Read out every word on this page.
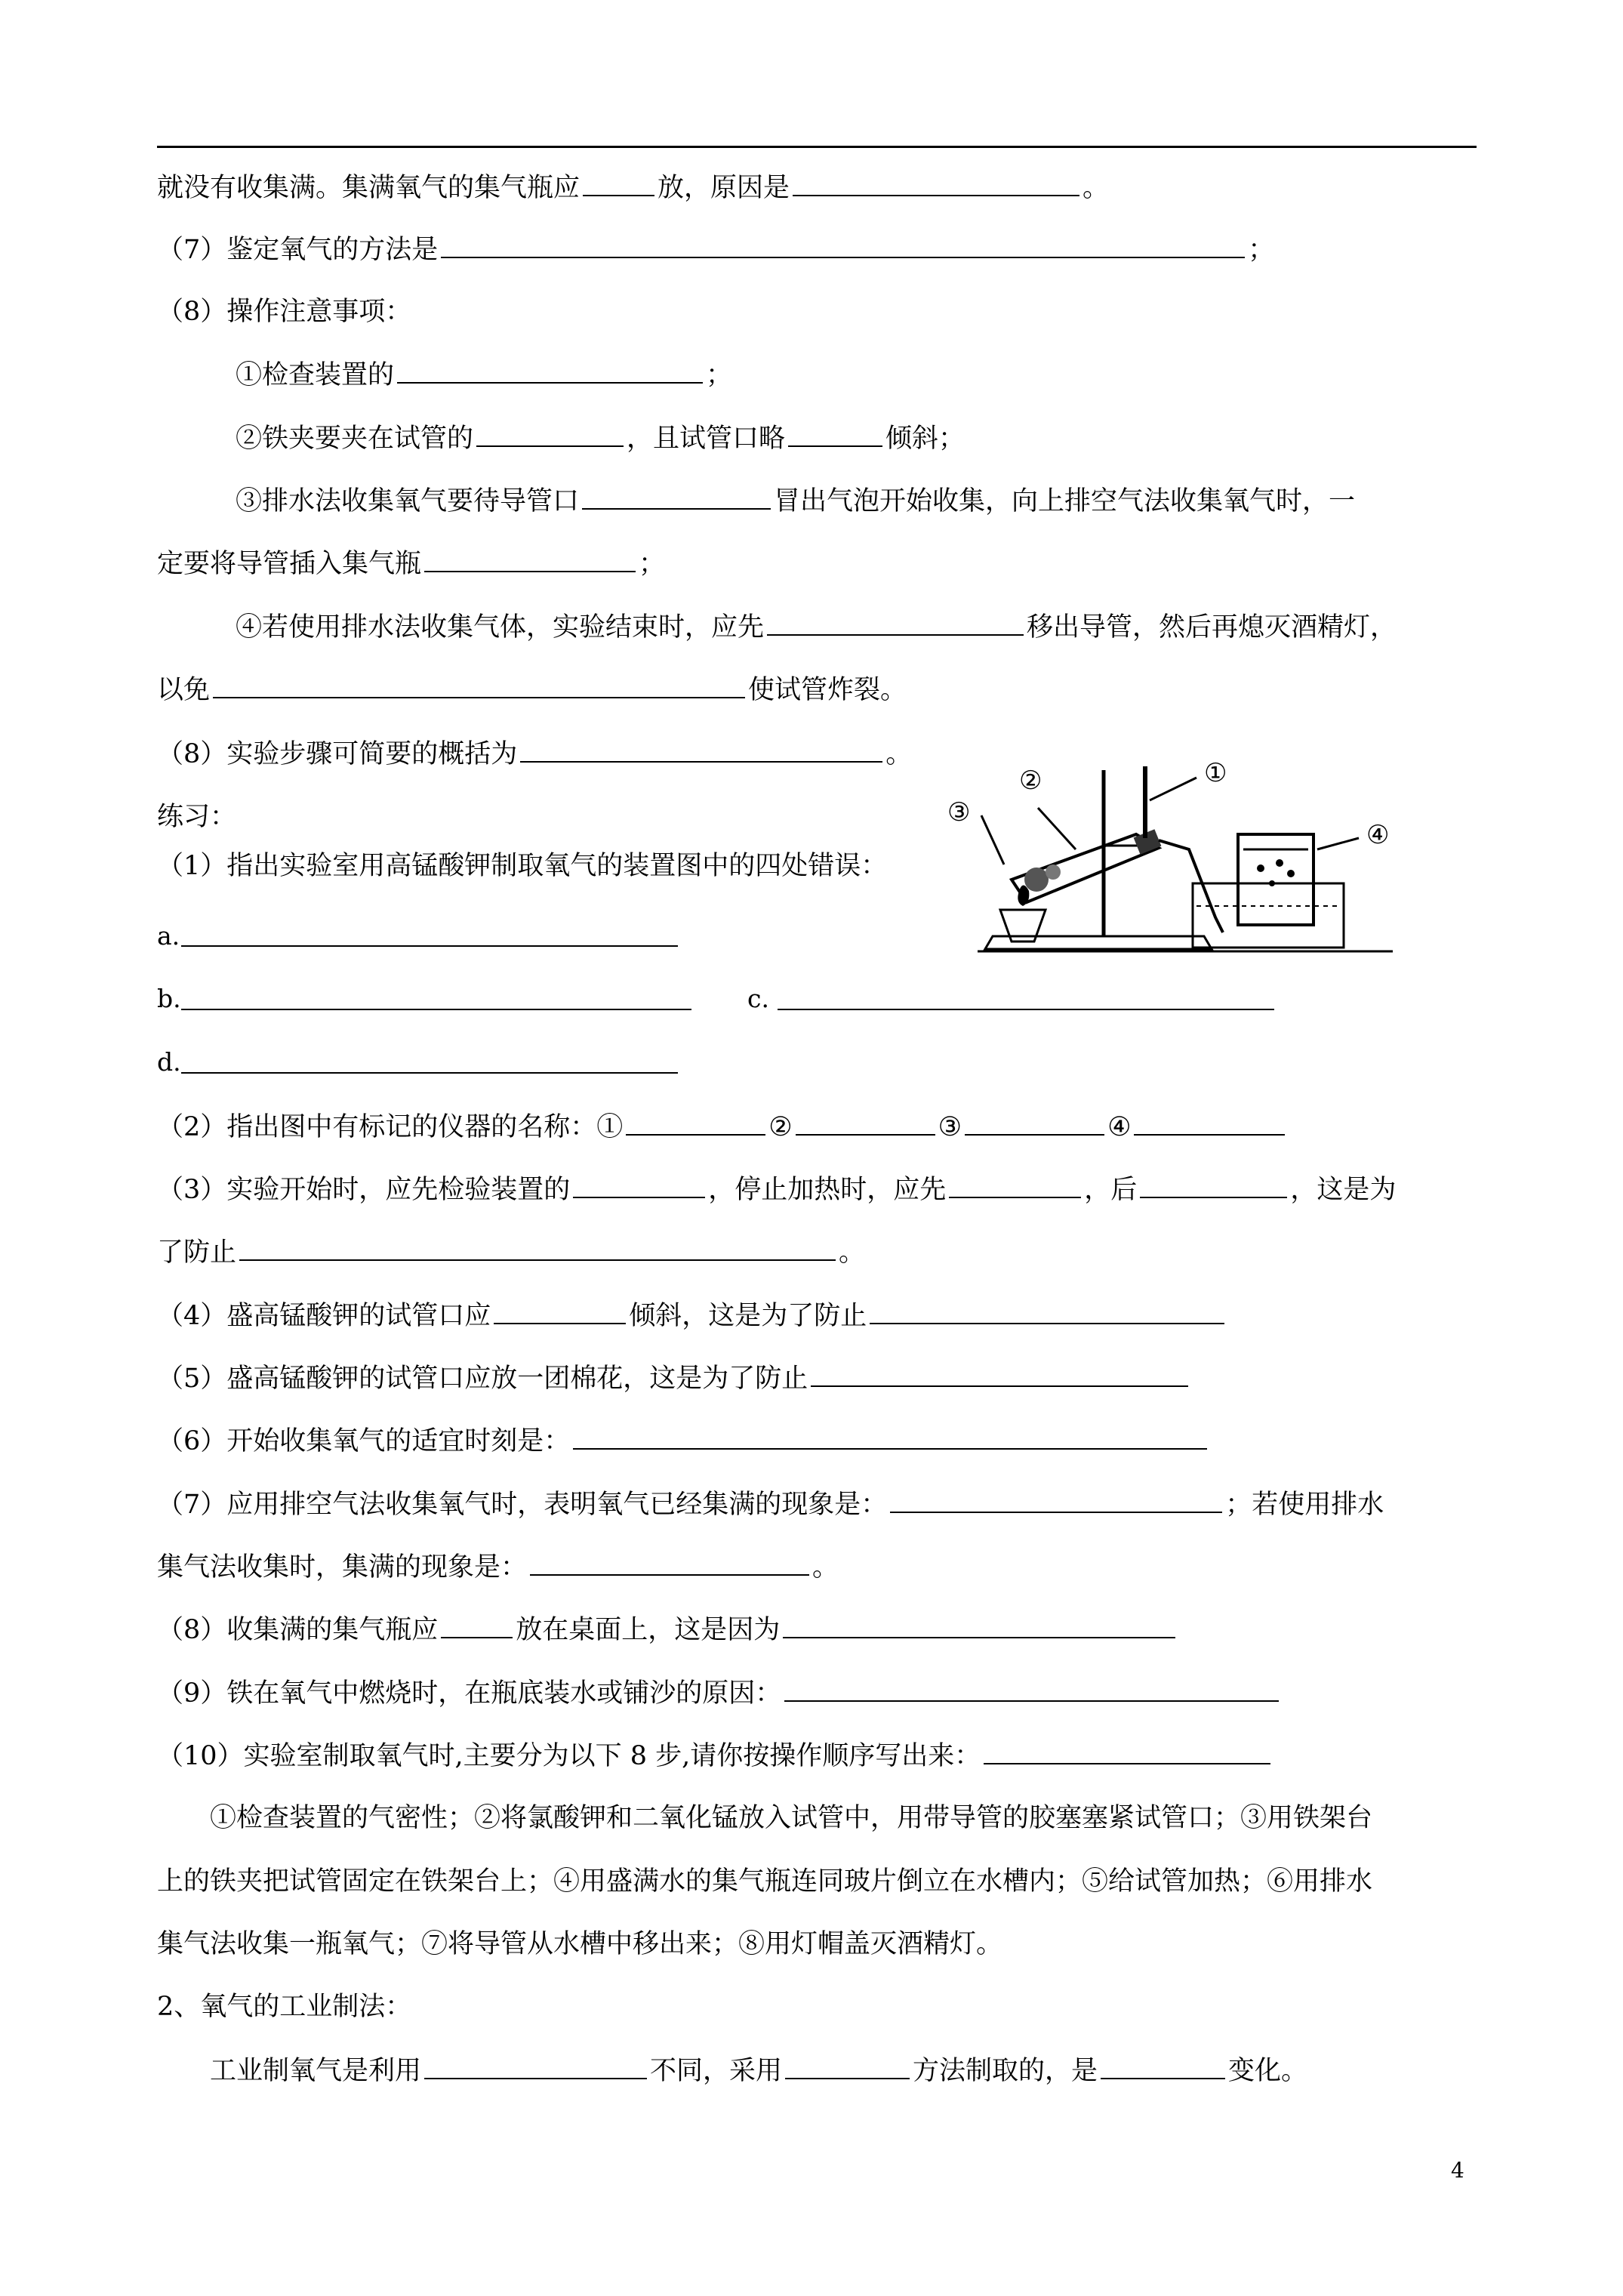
就没有收集满。集满氧气的集气瓶应	放，原因是	。
（7）鉴定氧气的方法是	；
（8）操作注意事项：
①检查装置的	；
②铁夹要夹在试管的	，且试管口略	倾斜；
③排水法收集氧气要待导管口	冒出气泡开始收集，向上排空气法收集氧气时，一
定要将导管插入集气瓶	；
④若使用排水法收集气体，实验结束时，应先	移出导管，然后再熄灭酒精灯，
以免	使试管炸裂。
（8）实验步骤可简要的概括为	。
练习：
（1）指出实验室用高锰酸钾制取氧气的装置图中的四处错误：
a.
b.	c.
d.
（2）指出图中有标记的仪器的名称：①	②	③	④
（3）实验开始时，应先检验装置的	，停止加热时，应先	，后	，这是为
了防止	。
（4）盛高锰酸钾的试管口应	倾斜，这是为了防止
（5）盛高锰酸钾的试管口应放一团棉花，这是为了防止
（6）开始收集氧气的适宜时刻是：
（7）应用排空气法收集氧气时，表明氧气已经集满的现象是：	；若使用排水
集气法收集时，集满的现象是：	。
（8）收集满的集气瓶应	放在桌面上，这是因为
（9）铁在氧气中燃烧时，在瓶底装水或铺沙的原因：
（10）实验室制取氧气时,主要分为以下 8 步,请你按操作顺序写出来：
①检查装置的气密性；②将氯酸钾和二氧化锰放入试管中，用带导管的胶塞塞紧试管口；③用铁架台
上的铁夹把试管固定在铁架台上；④用盛满水的集气瓶连同玻片倒立在水槽内；⑤给试管加热；⑥用排水
集气法收集一瓶氧气；⑦将导管从水槽中移出来；⑧用灯帽盖灭酒精灯。
2、氧气的工业制法：
工业制氧气是利用	不同，采用	方法制取的，是	变化。
②	①
③
④
4
